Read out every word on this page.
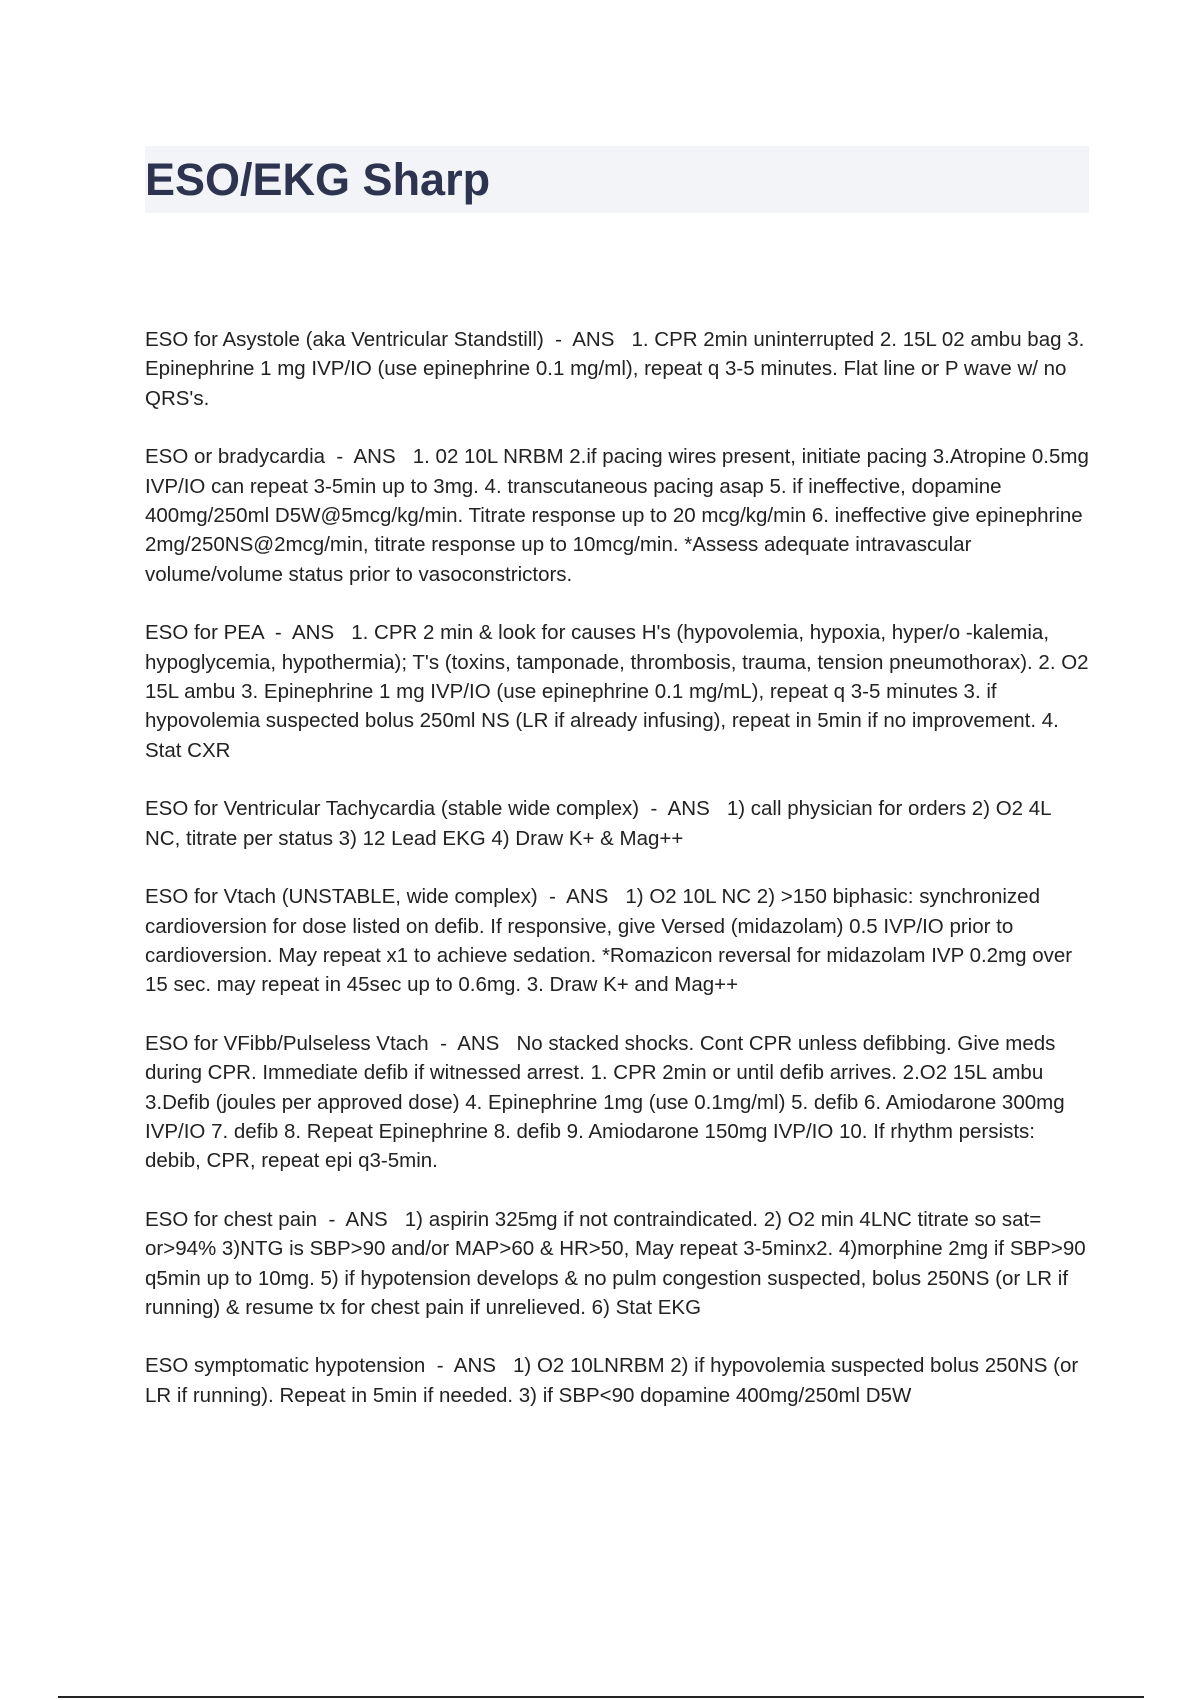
ESO/EKG Sharp

ESO for Asystole (aka Ventricular Standstill)  -  ANS   1. CPR 2min uninterrupted 2. 15L 02 ambu bag 3. Epinephrine 1 mg IVP/IO (use epinephrine 0.1 mg/ml), repeat q 3-5 minutes. Flat line or P wave w/ no QRS's.

ESO or bradycardia  -  ANS   1. 02 10L NRBM 2.if pacing wires present, initiate pacing 3.Atropine 0.5mg IVP/IO can repeat 3-5min up to 3mg. 4. transcutaneous pacing asap 5. if ineffective, dopamine 400mg/250ml D5W@5mcg/kg/min. Titrate response up to 20 mcg/kg/min 6. ineffective give epinephrine 2mg/250NS@2mcg/min, titrate response up to 10mcg/min. *Assess adequate intravascular volume/volume status prior to vasoconstrictors.

ESO for PEA  -  ANS   1. CPR 2 min & look for causes H's (hypovolemia, hypoxia, hyper/o -kalemia, hypoglycemia, hypothermia); T's (toxins, tamponade, thrombosis, trauma, tension pneumothorax). 2. O2 15L ambu 3. Epinephrine 1 mg IVP/IO (use epinephrine 0.1 mg/mL), repeat q 3-5 minutes 3. if hypovolemia suspected bolus 250ml NS (LR if already infusing), repeat in 5min if no improvement. 4. Stat CXR

ESO for Ventricular Tachycardia (stable wide complex)  -  ANS   1) call physician for orders 2) O2 4L NC, titrate per status 3) 12 Lead EKG 4) Draw K+ & Mag++

ESO for Vtach (UNSTABLE, wide complex)  -  ANS   1) O2 10L NC 2) >150 biphasic: synchronized cardioversion for dose listed on defib. If responsive, give Versed (midazolam) 0.5 IVP/IO prior to cardioversion. May repeat x1 to achieve sedation. *Romazicon reversal for midazolam IVP 0.2mg over 15 sec. may repeat in 45sec up to 0.6mg. 3. Draw K+ and Mag++

ESO for VFibb/Pulseless Vtach  -  ANS   No stacked shocks. Cont CPR unless defibbing. Give meds during CPR. Immediate defib if witnessed arrest. 1. CPR 2min or until defib arrives. 2.O2 15L ambu 3.Defib (joules per approved dose) 4. Epinephrine 1mg (use 0.1mg/ml) 5. defib 6. Amiodarone 300mg IVP/IO 7. defib 8. Repeat Epinephrine 8. defib 9. Amiodarone 150mg IVP/IO 10. If rhythm persists: debib, CPR, repeat epi q3-5min.

ESO for chest pain  -  ANS   1) aspirin 325mg if not contraindicated. 2) O2 min 4LNC titrate so sat= or>94% 3)NTG is SBP>90 and/or MAP>60 & HR>50, May repeat 3-5minx2. 4)morphine 2mg if SBP>90 q5min up to 10mg. 5) if hypotension develops & no pulm congestion suspected, bolus 250NS (or LR if running) & resume tx for chest pain if unrelieved. 6) Stat EKG

ESO symptomatic hypotension  -  ANS   1) O2 10LNRBM 2) if hypovolemia suspected bolus 250NS (or LR if running). Repeat in 5min if needed. 3) if SBP<90 dopamine 400mg/250ml D5W
